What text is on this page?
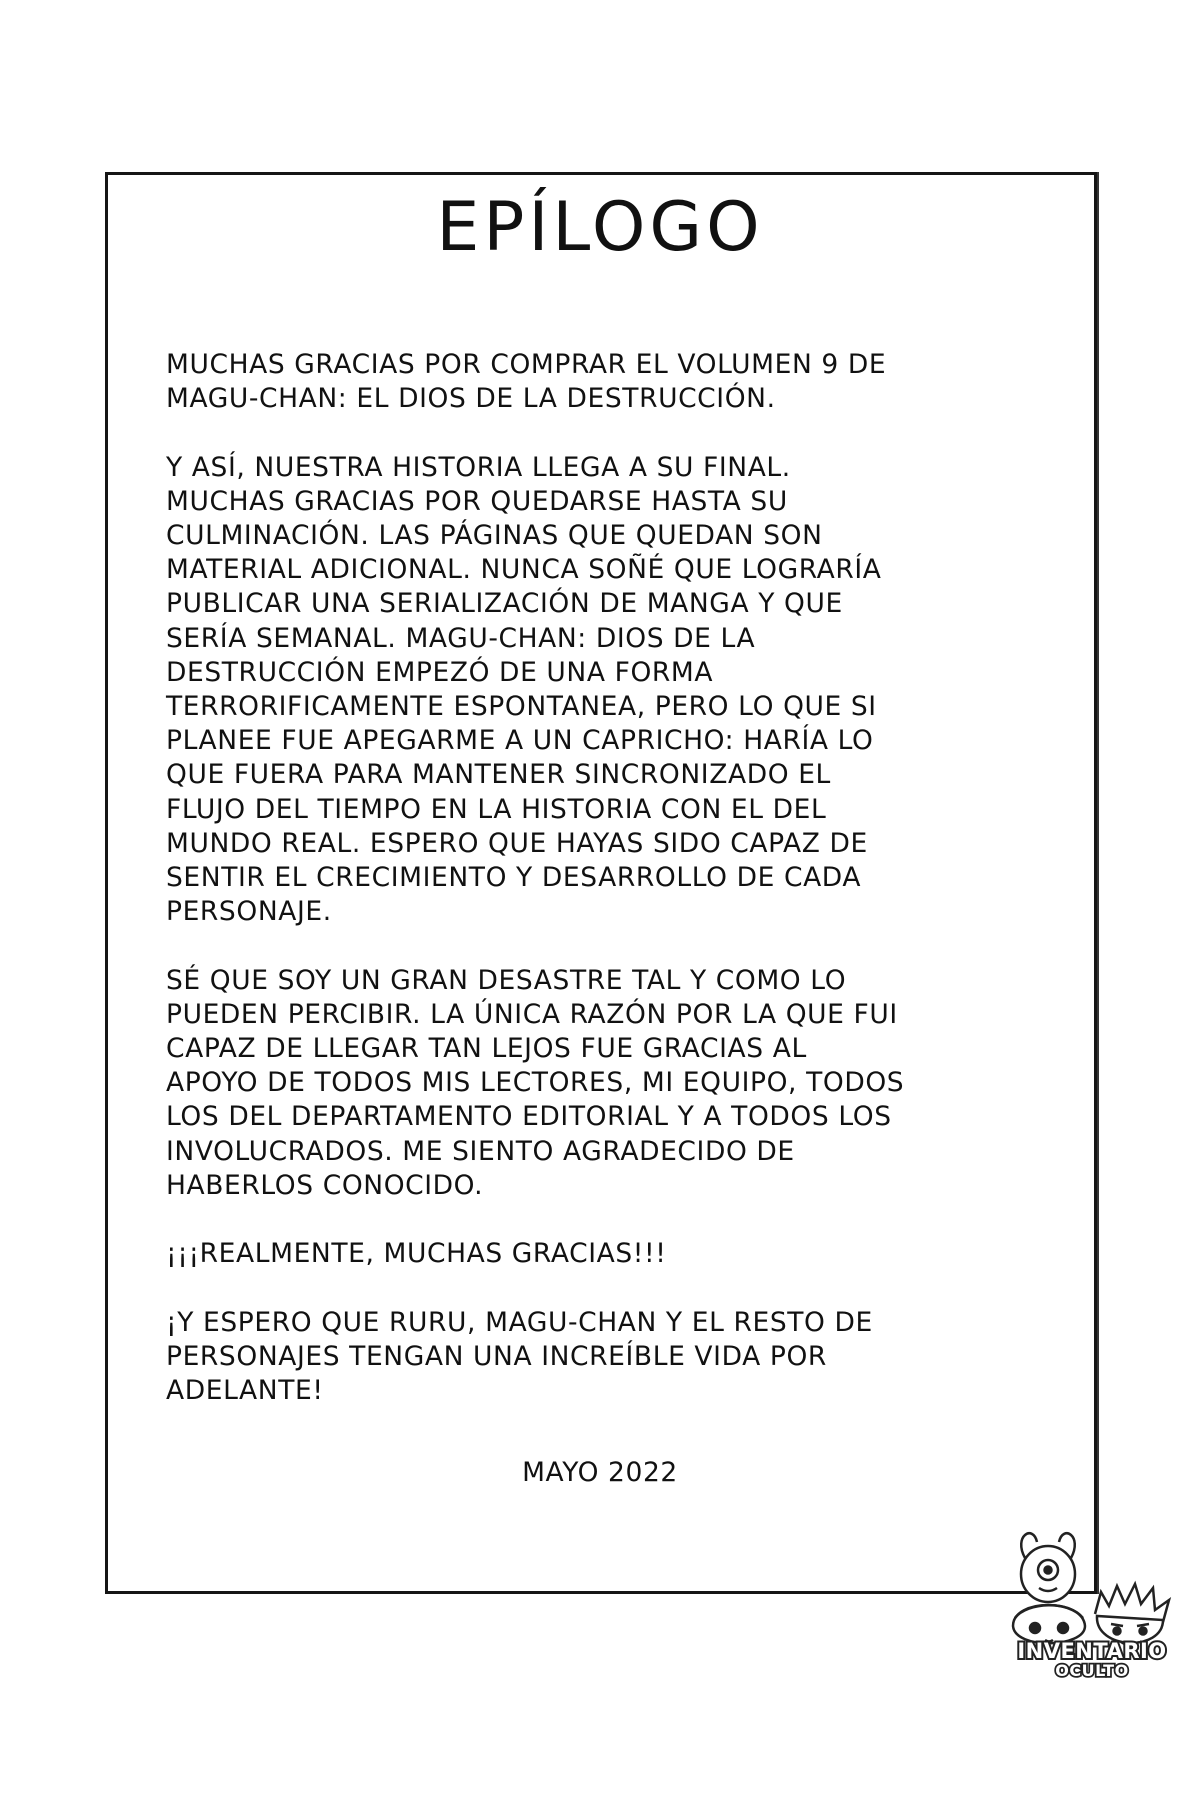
EPÍLOGO

MUCHAS GRACIAS POR COMPRAR EL VOLUMEN 9 DE
MAGU-CHAN: EL DIOS DE LA DESTRUCCIÓN.

Y ASÍ, NUESTRA HISTORIA LLEGA A SU FINAL.
MUCHAS GRACIAS POR QUEDARSE HASTA SU
CULMINACIÓN. LAS PÁGINAS QUE QUEDAN SON
MATERIAL ADICIONAL. NUNCA SOÑÉ QUE LOGRARÍA
PUBLICAR UNA SERIALIZACIÓN DE MANGA Y QUE
SERÍA SEMANAL. MAGU-CHAN: DIOS DE LA
DESTRUCCIÓN EMPEZÓ DE UNA FORMA
TERRORIFICAMENTE ESPONTANEA, PERO LO QUE SI
PLANEE FUE APEGARME A UN CAPRICHO: HARÍA LO
QUE FUERA PARA MANTENER SINCRONIZADO EL
FLUJO DEL TIEMPO EN LA HISTORIA CON EL DEL
MUNDO REAL. ESPERO QUE HAYAS SIDO CAPAZ DE
SENTIR EL CRECIMIENTO Y DESARROLLO DE CADA
PERSONAJE.

SÉ QUE SOY UN GRAN DESASTRE TAL Y COMO LO
PUEDEN PERCIBIR. LA ÚNICA RAZÓN POR LA QUE FUI
CAPAZ DE LLEGAR TAN LEJOS FUE GRACIAS AL
APOYO DE TODOS MIS LECTORES, MI EQUIPO, TODOS
LOS DEL DEPARTAMENTO EDITORIAL Y A TODOS LOS
INVOLUCRADOS. ME SIENTO AGRADECIDO DE
HABERLOS CONOCIDO.

¡¡¡REALMENTE, MUCHAS GRACIAS!!!

¡Y ESPERO QUE RURU, MAGU-CHAN Y EL RESTO DE
PERSONAJES TENGAN UNA INCREÍBLE VIDA POR
ADELANTE!

MAYO 2022
INVENTARIO
OCULTO
